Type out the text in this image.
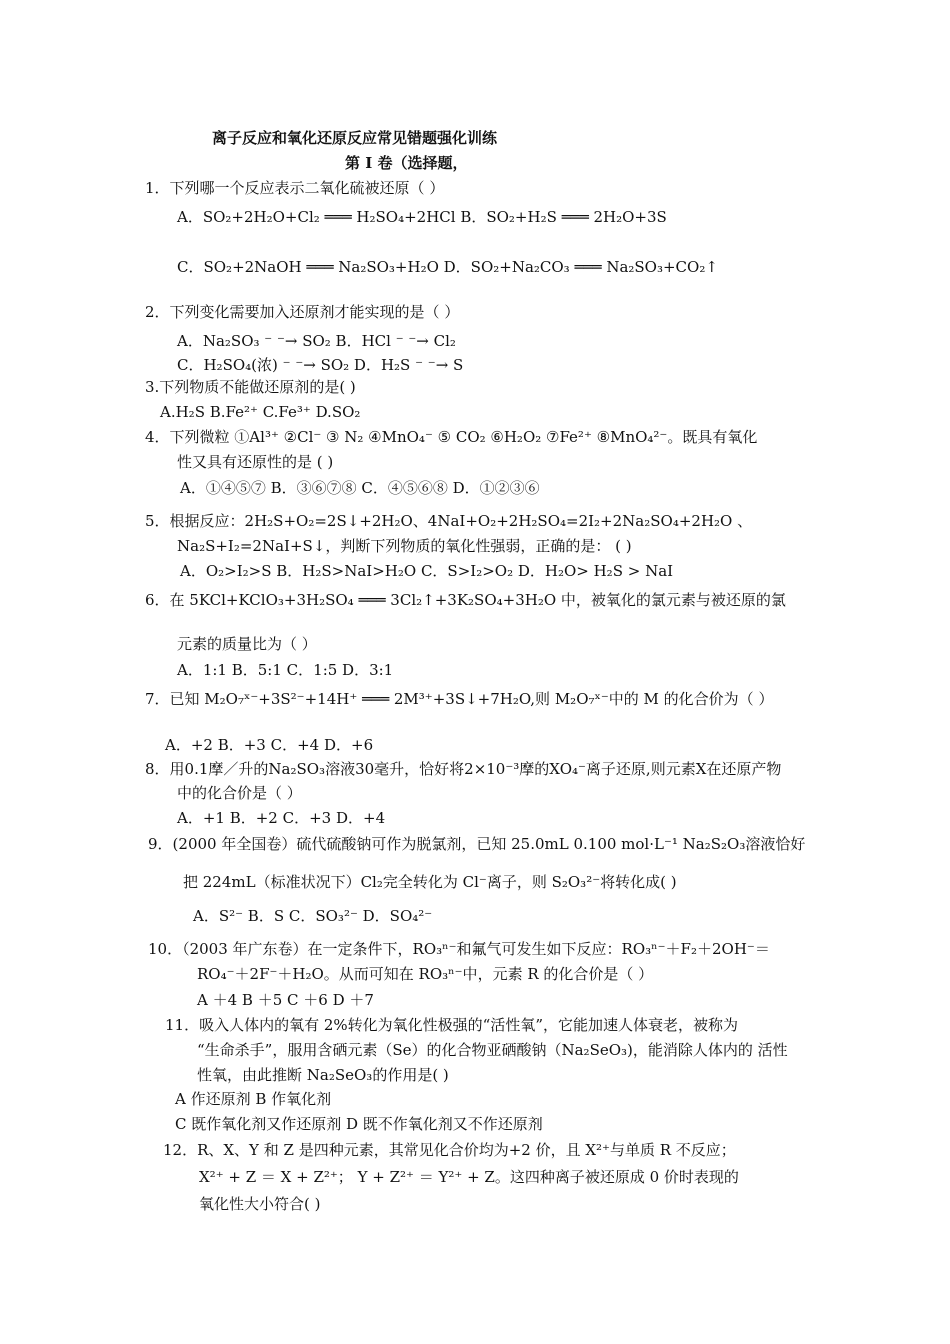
离子反应和氧化还原反应常见错题强化训练
第 I 卷（选择题，
1．下列哪一个反应表示二氧化硫被还原（ ）
A．SO₂+2H₂O+Cl₂ ═══ H₂SO₄+2HCl B．SO₂+H₂S ═══ 2H₂O+3S
C．SO₂+2NaOH ═══ Na₂SO₃+H₂O D．SO₂+Na₂CO₃ ═══ Na₂SO₃+CO₂↑
2．下列变化需要加入还原剂才能实现的是（ ）
A．Na₂SO₃ ⁻ ⁻→ SO₂ B．HCl ⁻ ⁻→ Cl₂
C．H₂SO₄(浓) ⁻ ⁻→ SO₂ D．H₂S ⁻ ⁻→ S
3.下列物质不能做还原剂的是( )
A.H₂S B.Fe²⁺ C.Fe³⁺ D.SO₂
4．下列微粒 ①Al³⁺ ②Cl⁻ ③ N₂ ④MnO₄⁻ ⑤ CO₂ ⑥H₂O₂ ⑦Fe²⁺ ⑧MnO₄²⁻。既具有氧化
性又具有还原性的是 ( )
A．①④⑤⑦ B．③⑥⑦⑧ C．④⑤⑥⑧ D．①②③⑥
5．根据反应：2H₂S+O₂=2S↓+2H₂O、4NaI+O₂+2H₂SO₄=2I₂+2Na₂SO₄+2H₂O 、
Na₂S+I₂=2NaI+S↓，判断下列物质的氧化性强弱，正确的是： ( )
A．O₂>I₂>S B．H₂S>NaI>H₂O C．S>I₂>O₂ D．H₂O> H₂S > NaI
6．在 5KCl+KClO₃+3H₂SO₄ ═══ 3Cl₂↑+3K₂SO₄+3H₂O 中，被氧化的氯元素与被还原的氯
元素的质量比为（ ）
A．1:1 B．5:1 C．1:5 D．3:1
7．已知 M₂O₇ˣ⁻+3S²⁻+14H⁺ ═══ 2M³⁺+3S↓+7H₂O,则 M₂O₇ˣ⁻中的 M 的化合价为（ ）
A．+2 B．+3 C．+4 D．+6
8．用0.1摩／升的Na₂SO₃溶液30毫升，恰好将2×10⁻³摩的XO₄⁻离子还原,则元素X在还原产物
中的化合价是（ ）
A．+1 B．+2 C．+3 D．+4
9．(2000 年全国卷）硫代硫酸钠可作为脱氯剂，已知 25.0mL 0.100 mol·L⁻¹ Na₂S₂O₃溶液恰好
把 224mL（标准状况下）Cl₂完全转化为 Cl⁻离子，则 S₂O₃²⁻将转化成( )
A．S²⁻ B．S C．SO₃²⁻ D．SO₄²⁻
10．（2003 年广东卷）在一定条件下，RO₃ⁿ⁻和氟气可发生如下反应：RO₃ⁿ⁻＋F₂＋2OH⁻＝
RO₄⁻＋2F⁻＋H₂O。从而可知在 RO₃ⁿ⁻中，元素 R 的化合价是（ ）
A ＋4 B ＋5 C ＋6 D ＋7
11．吸入人体内的氧有 2%转化为氧化性极强的“活性氧”，它能加速人体衰老，被称为
“生命杀手”，服用含硒元素（Se）的化合物亚硒酸钠（Na₂SeO₃)，能消除人体内的 活性
性氧，由此推断 Na₂SeO₃的作用是( )
A 作还原剂 B 作氧化剂
C 既作氧化剂又作还原剂 D 既不作氧化剂又不作还原剂
12．R、X、Y 和 Z 是四种元素，其常见化合价均为+2 价，且 X²⁺与单质 R 不反应；
X²⁺ + Z ＝ X + Z²⁺； Y + Z²⁺ ＝ Y²⁺ + Z。这四种离子被还原成 0 价时表现的
氧化性大小符合( )
